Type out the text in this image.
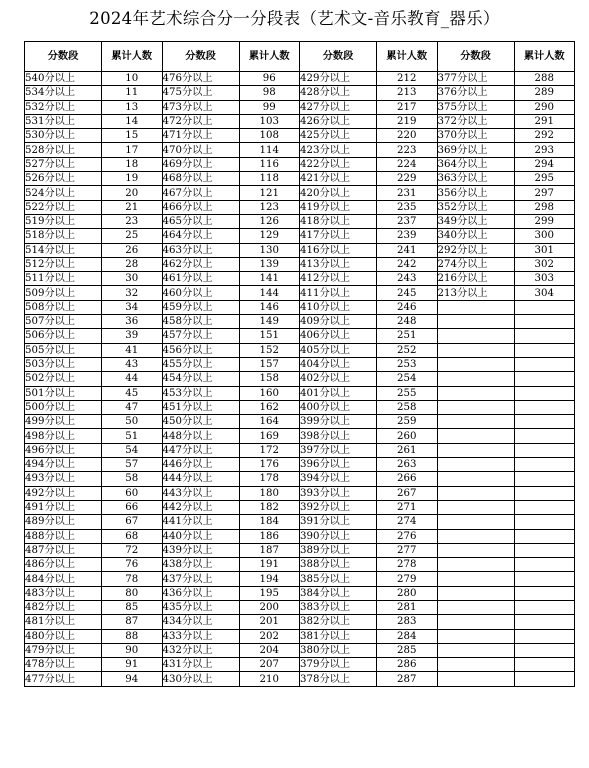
2024年艺术综合分一分段表（艺术文-音乐教育_器乐）
分数段	累计人数	分数段	累计人数	分数段	累计人数	分数段	累计人数
540分以上	10	476分以上	96	429分以上	212	377分以上	288
534分以上	11	475分以上	98	428分以上	213	376分以上	289
532分以上	13	473分以上	99	427分以上	217	375分以上	290
531分以上	14	472分以上	103	426分以上	219	372分以上	291
530分以上	15	471分以上	108	425分以上	220	370分以上	292
528分以上	17	470分以上	114	423分以上	223	369分以上	293
527分以上	18	469分以上	116	422分以上	224	364分以上	294
526分以上	19	468分以上	118	421分以上	229	363分以上	295
524分以上	20	467分以上	121	420分以上	231	356分以上	297
522分以上	21	466分以上	123	419分以上	235	352分以上	298
519分以上	23	465分以上	126	418分以上	237	349分以上	299
518分以上	25	464分以上	129	417分以上	239	340分以上	300
514分以上	26	463分以上	130	416分以上	241	292分以上	301
512分以上	28	462分以上	139	413分以上	242	274分以上	302
511分以上	30	461分以上	141	412分以上	243	216分以上	303
509分以上	32	460分以上	144	411分以上	245	213分以上	304
508分以上	34	459分以上	146	410分以上	246		
507分以上	36	458分以上	149	409分以上	248		
506分以上	39	457分以上	151	406分以上	251		
505分以上	41	456分以上	152	405分以上	252		
503分以上	43	455分以上	157	404分以上	253		
502分以上	44	454分以上	158	402分以上	254		
501分以上	45	453分以上	160	401分以上	255		
500分以上	47	451分以上	162	400分以上	258		
499分以上	50	450分以上	164	399分以上	259		
498分以上	51	448分以上	169	398分以上	260		
496分以上	54	447分以上	172	397分以上	261		
494分以上	57	446分以上	176	396分以上	263		
493分以上	58	444分以上	178	394分以上	266		
492分以上	60	443分以上	180	393分以上	267		
491分以上	66	442分以上	182	392分以上	271		
489分以上	67	441分以上	184	391分以上	274		
488分以上	68	440分以上	186	390分以上	276		
487分以上	72	439分以上	187	389分以上	277		
486分以上	76	438分以上	191	388分以上	278		
484分以上	78	437分以上	194	385分以上	279		
483分以上	80	436分以上	195	384分以上	280		
482分以上	85	435分以上	200	383分以上	281		
481分以上	87	434分以上	201	382分以上	283		
480分以上	88	433分以上	202	381分以上	284		
479分以上	90	432分以上	204	380分以上	285		
478分以上	91	431分以上	207	379分以上	286		
477分以上	94	430分以上	210	378分以上	287		
